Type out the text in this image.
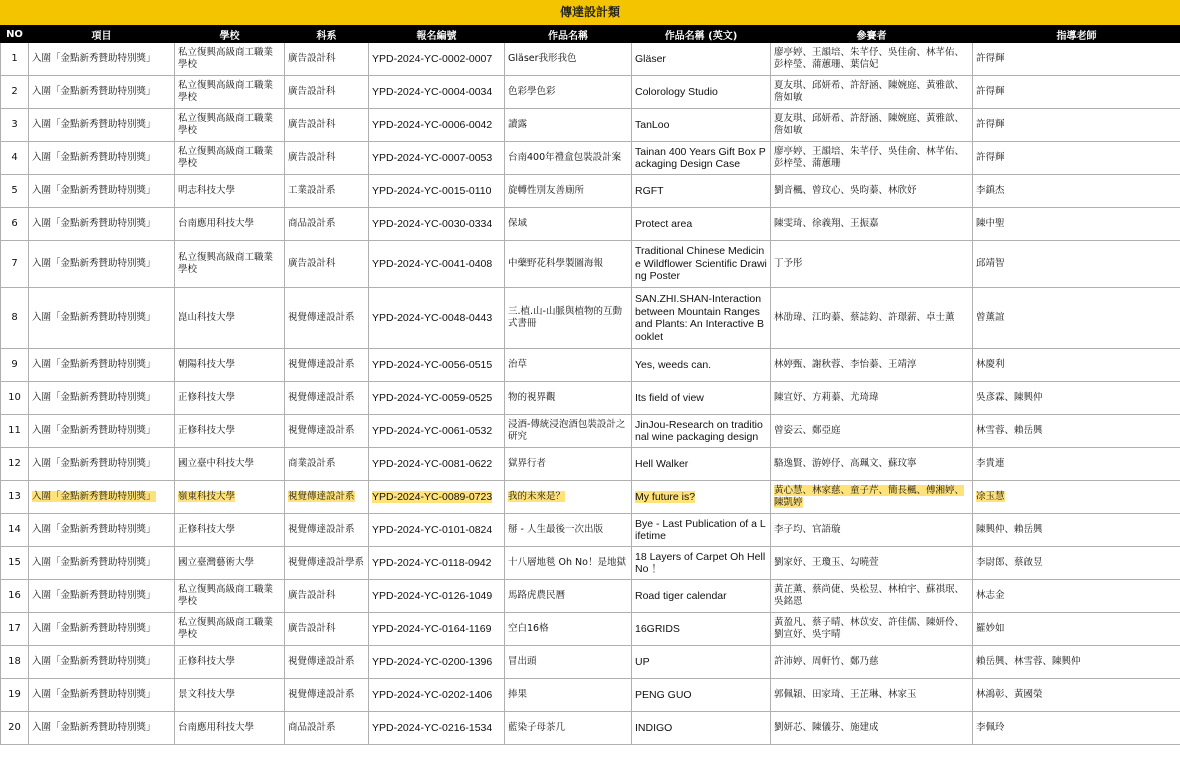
傳達設計類
NO	項目	學校	科系	報名編號	作品名稱	作品名稱 (英文)	參賽者	指導老師
1	入圍「金點新秀贊助特別獎」	私立復興高級商工職業學校	廣告設計科	YPD-2024-YC-0002-0007	Gläser我形我色	Gläser	廖亭婷、王韻培、朱芊伃、吳佳俞、林芊佑、彭梓瑩、蒲蕙珊、葉信妃	許得輝
2	入圍「金點新秀贊助特別獎」	私立復興高級商工職業學校	廣告設計科	YPD-2024-YC-0004-0034	色彩學色彩	Colorology Studio	夏友琪、邱妍希、許舒涵、陳婉庭、黃雅歆、詹如敏	許得輝
3	入圍「金點新秀贊助特別獎」	私立復興高級商工職業學校	廣告設計科	YPD-2024-YC-0006-0042	讀露	TanLoo	夏友琪、邱妍希、許舒涵、陳婉庭、黃雅歆、詹如敏	許得輝
4	入圍「金點新秀贊助特別獎」	私立復興高級商工職業學校	廣告設計科	YPD-2024-YC-0007-0053	台南400年禮盒包裝設計案	Tainan 400 Years Gift Box Packaging Design Case	廖亭婷、王韻培、朱芊伃、吳佳俞、林芊佑、彭梓瑩、蒲蕙珊	許得輝
5	入圍「金點新秀贊助特別獎」	明志科技大學	工業設計系	YPD-2024-YC-0015-0110	旋轉性別友善廁所	RGFT	劉音楓、曾玟心、吳昀蓁、林欣妤	李鎮杰
6	入圍「金點新秀贊助特別獎」	台南應用科技大學	商品設計系	YPD-2024-YC-0030-0334	保域	Protect area	陳雯琦、徐義翔、王振嘉	陳中聖
7	入圍「金點新秀贊助特別獎」	私立復興高級商工職業學校	廣告設計科	YPD-2024-YC-0041-0408	中藥野花科學製圖海報	Traditional Chinese Medicine Wildflower Scientific Drawing Poster	丁予彤	邱靖智
8	入圍「金點新秀贊助特別獎」	崑山科技大學	視覺傳達設計系	YPD-2024-YC-0048-0443	三.植.山-山脈與植物的互動式書冊	SAN.ZHI.SHAN-Interaction between Mountain Ranges and Plants: An Interactive Booklet	林劭瑋、江昀蓁、蔡誌鈞、許璟薪、卓士薰	曾薰誼
9	入圍「金點新秀贊助特別獎」	朝陽科技大學	視覺傳達設計系	YPD-2024-YC-0056-0515	治草	Yes, weeds can.	林婷甄、謝秋蓉、李怡蓁、王靖淳	林慶利
10	入圍「金點新秀贊助特別獎」	正修科技大學	視覺傳達設計系	YPD-2024-YC-0059-0525	物的視界觀	Its field of view	陳宣妤、方莉蓁、尤琦瑋	吳彥霖、陳興仲
11	入圍「金點新秀贊助特別獎」	正修科技大學	視覺傳達設計系	YPD-2024-YC-0061-0532	浸酒-傳統浸泡酒包裝設計之研究	JinJou-Research on traditional wine packaging design	曾姿云、鄭亞庭	林雪蓉、賴岳興
12	入圍「金點新秀贊助特別獎」	國立臺中科技大學	商業設計系	YPD-2024-YC-0081-0622	獄界行者	Hell Walker	駱逸賢、游婷伃、高珮文、蘇玟寧	李貴連
13	入圍「金點新秀贊助特別獎」	嶺東科技大學	視覺傳達設計系	YPD-2024-YC-0089-0723	我的未來是？	My future is?	黃心慧、林家慈、童子芹、簡長楓、傅湘婷、陳凱婷	凃玉慧
14	入圍「金點新秀贊助特別獎」	正修科技大學	視覺傳達設計系	YPD-2024-YC-0101-0824	掰 - 人生最後一次出版	Bye - Last Publication of a Lifetime	李子均、官語璇	陳興仲、賴岳興
15	入圍「金點新秀贊助特別獎」	國立臺灣藝術大學	視覺傳達設計學系	YPD-2024-YC-0118-0942	十八層地毯 Oh No！是地獄	18 Layers of Carpet Oh Hell No ！	劉家妤、王瓊玉、勾曉萱	李尉郎、蔡啟昱
16	入圍「金點新秀贊助特別獎」	私立復興高級商工職業學校	廣告設計科	YPD-2024-YC-0126-1049	馬路虎農民曆	Road tiger calendar	黃芷薰、蔡尚倢、吳松昱、林柏宇、蘇祺珉、吳銘恩	林志金
17	入圍「金點新秀贊助特別獎」	私立復興高級商工職業學校	廣告設計科	YPD-2024-YC-0164-1169	空白16格	16GRIDS	黃盈凡、蔡子晴、林苡安、許佳儒、陳妍伶、劉宣妤、吳宇晴	羅妙如
18	入圍「金點新秀贊助特別獎」	正修科技大學	視覺傳達設計系	YPD-2024-YC-0200-1396	冒出頭	UP	許沛婷、周軒竹、鄭乃慈	賴岳興、林雪蓉、陳興仲
19	入圍「金點新秀贊助特別獎」	景文科技大學	視覺傳達設計系	YPD-2024-YC-0202-1406	捧果	PENG GUO	郭佩穎、田家琦、王芷琳、林家玉	林鴻彰、黃國榮
20	入圍「金點新秀贊助特別獎」	台南應用科技大學	商品設計系	YPD-2024-YC-0216-1534	藍染子母茶几	INDIGO	劉妍芯、陳儀芬、施建成	李佩玲
